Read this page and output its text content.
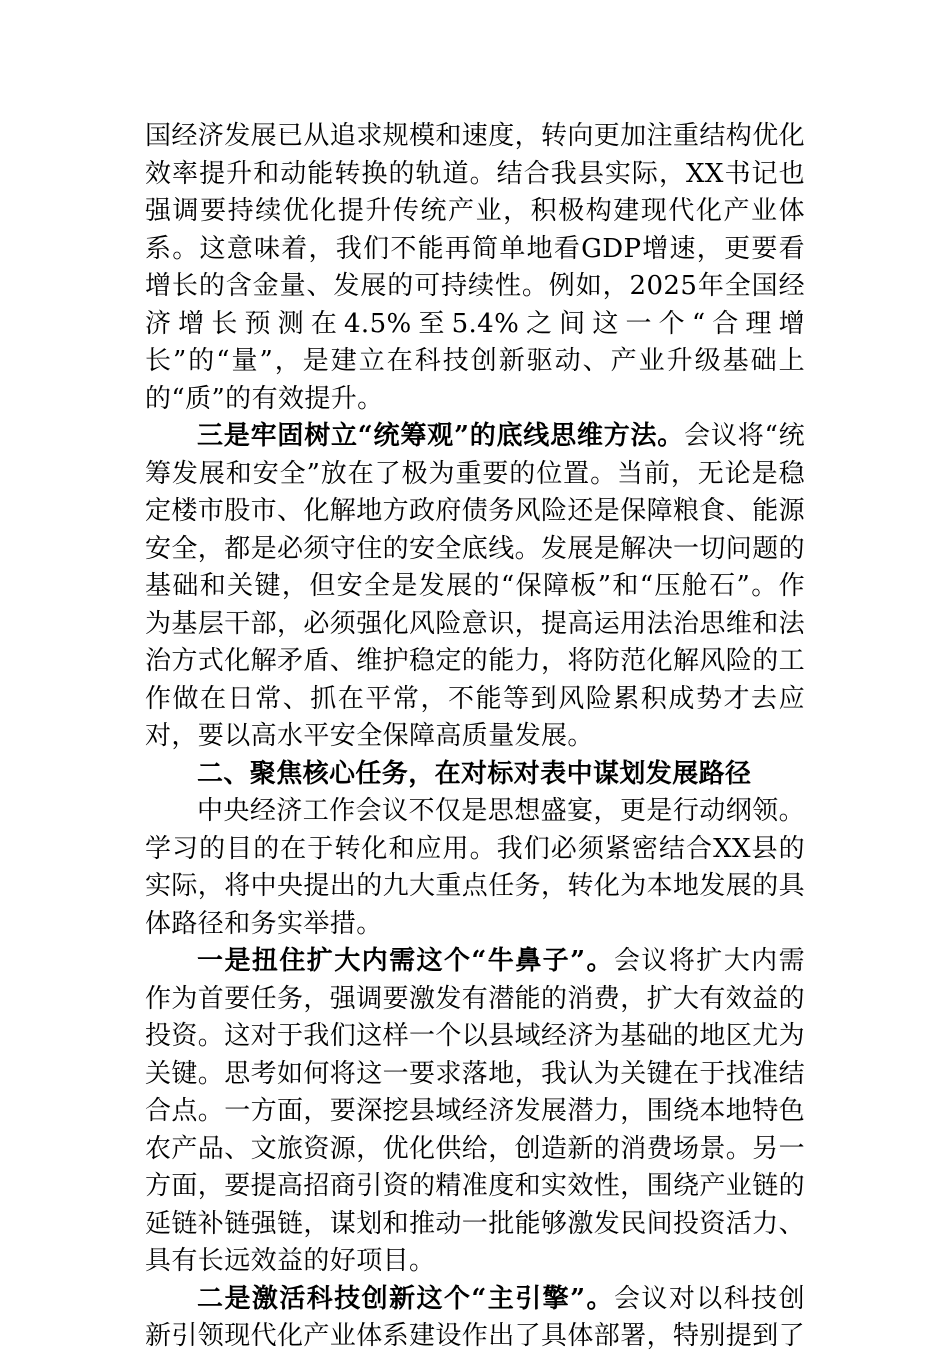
国经济发展已从追求规模和速度，转向更加注重结构优化效率提升和动能转换的轨道。结合我县实际，XX书记也强调要持续优化提升传统产业，积极构建现代化产业体系。这意味着，我们不能再简单地看GDP增速，更要看增长的含金量、发展的可持续性。例如，2025年全国经济增长预测在4.5%至5.4%之间这一个“合理增长”的“量”，是建立在科技创新驱动、产业升级基础上的“质”的有效提升。

三是牢固树立“统筹观”的底线思维方法。会议将“统筹发展和安全”放在了极为重要的位置。当前，无论是稳定楼市股市、化解地方政府债务风险还是保障粮食、能源安全，都是必须守住的安全底线。发展是解决一切问题的基础和关键，但安全是发展的“保障板”和“压舱石”。作为基层干部，必须强化风险意识，提高运用法治思维和法治方式化解矛盾、维护稳定的能力，将防范化解风险的工作做在日常、抓在平常，不能等到风险累积成势才去应对，要以高水平安全保障高质量发展。

二、聚焦核心任务，在对标对表中谋划发展路径

中央经济工作会议不仅是思想盛宴，更是行动纲领。学习的目的在于转化和应用。我们必须紧密结合XX县的实际，将中央提出的九大重点任务，转化为本地发展的具体路径和务实举措。

一是扭住扩大内需这个“牛鼻子”。会议将扩大内需作为首要任务，强调要激发有潜能的消费，扩大有效益的投资。这对于我们这样一个以县域经济为基础的地区尤为关键。思考如何将这一要求落地，我认为关键在于找准结合点。一方面，要深挖县域经济发展潜力，围绕本地特色农产品、文旅资源，优化供给，创造新的消费场景。另一方面，要提高招商引资的精准度和实效性，围绕产业链的延链补链强链，谋划和推动一批能够激发民间投资活力、具有长远效益的好项目。

二是激活科技创新这个“主引擎”。会议对以科技创新引领现代化产业体系建设作出了具体部署，特别提到了
